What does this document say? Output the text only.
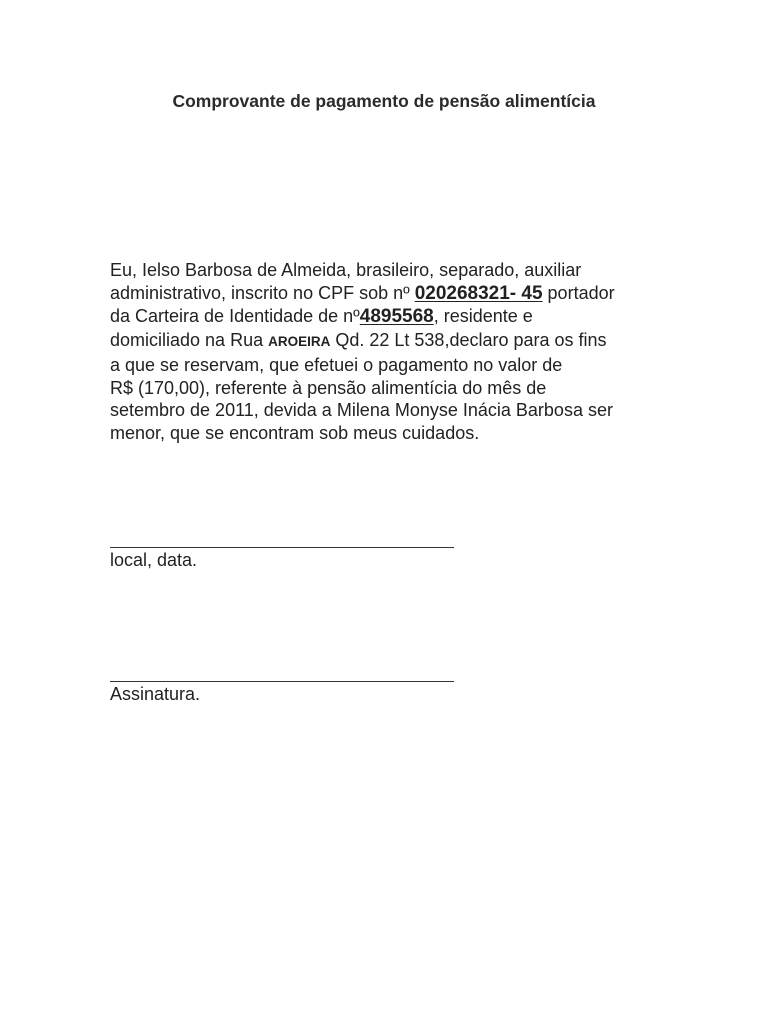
Comprovante de pagamento de pensão alimentícia

Eu, Ielso Barbosa de Almeida, brasileiro, separado, auxiliar
administrativo, inscrito no CPF sob nº 020268321- 45 portador
da Carteira de Identidade de nº4895568, residente e
domiciliado na Rua AROEIRA Qd. 22 Lt 538,declaro para os fins
a que se reservam, que efetuei o pagamento no valor de
R$ (170,00), referente à pensão alimentícia do mês de
setembro de 2011, devida a Milena Monyse Inácia Barbosa ser
menor, que se encontram sob meus cuidados.

local, data.

Assinatura.
